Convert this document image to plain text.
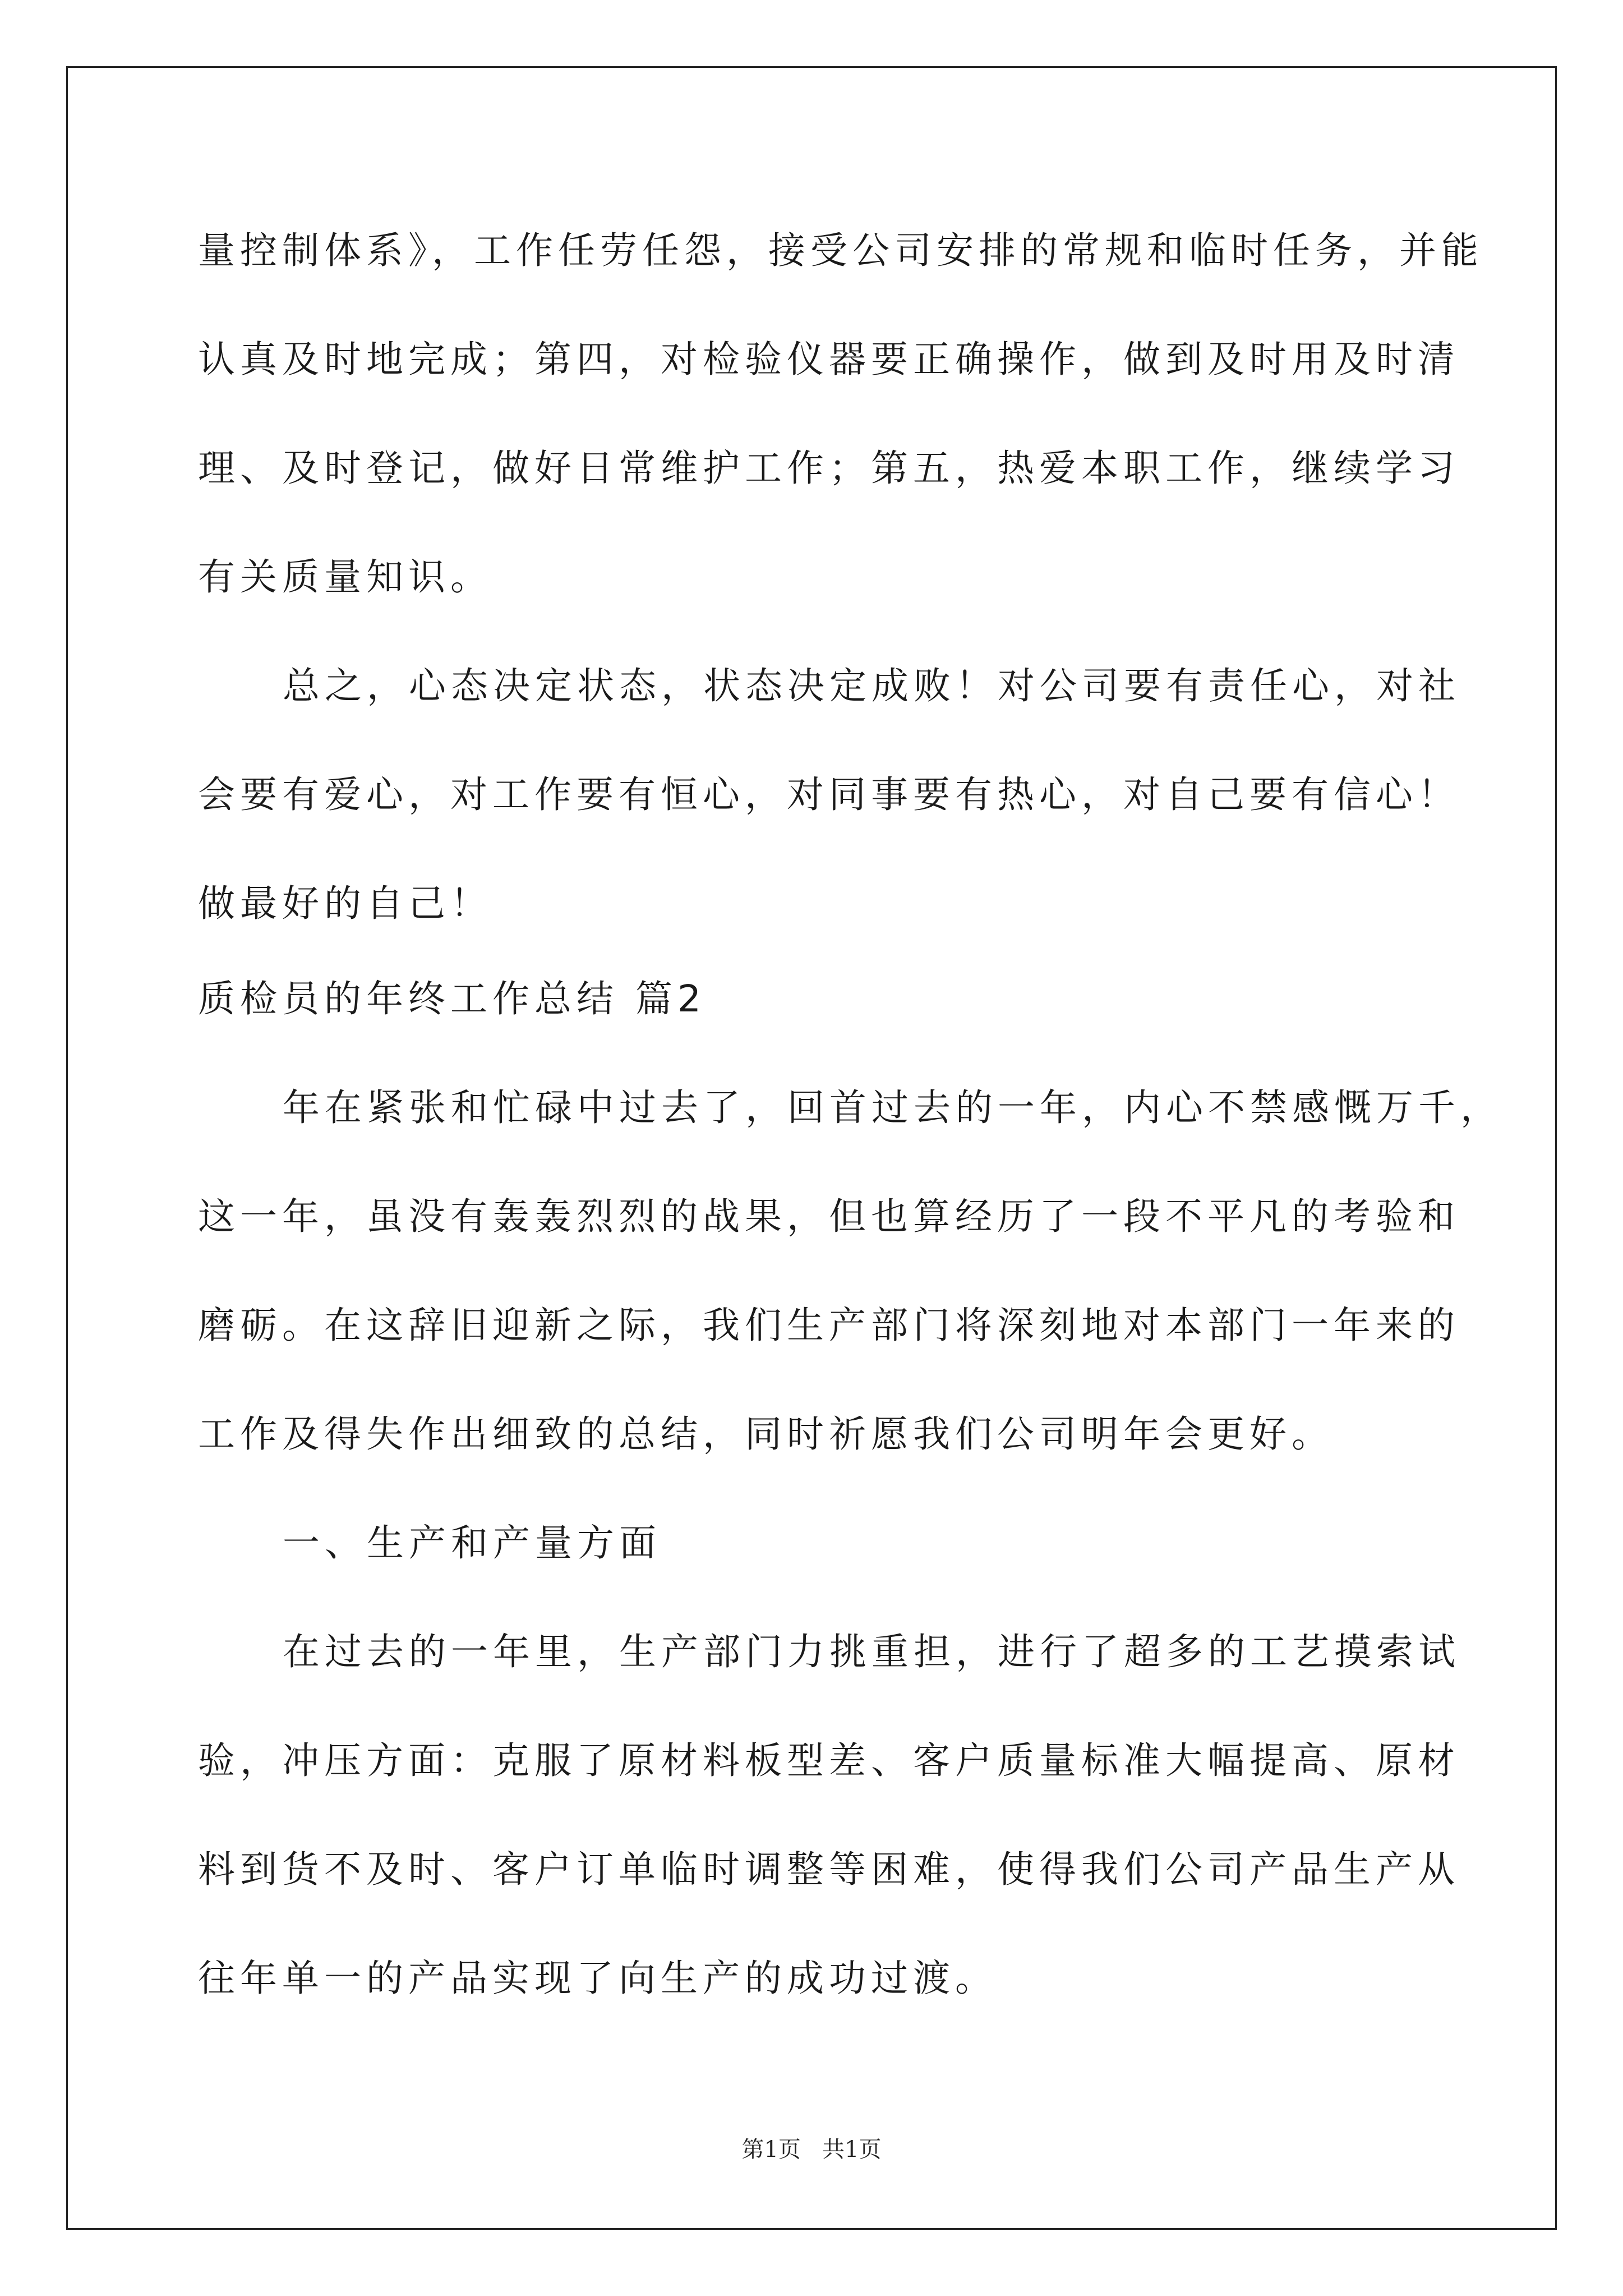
量控制体系》，工作任劳任怨，接受公司安排的常规和临时任务，并能

认真及时地完成；第四，对检验仪器要正确操作，做到及时用及时清

理、及时登记，做好日常维护工作；第五，热爱本职工作，继续学习

有关质量知识。

总之，心态决定状态，状态决定成败！对公司要有责任心，对社

会要有爱心，对工作要有恒心，对同事要有热心，对自己要有信心！

做最好的自己！

质检员的年终工作总结 篇2

年在紧张和忙碌中过去了，回首过去的一年，内心不禁感慨万千，

这一年，虽没有轰轰烈烈的战果，但也算经历了一段不平凡的考验和

磨砺。在这辞旧迎新之际，我们生产部门将深刻地对本部门一年来的

工作及得失作出细致的总结，同时祈愿我们公司明年会更好。

一、生产和产量方面

在过去的一年里，生产部门力挑重担，进行了超多的工艺摸索试

验，冲压方面：克服了原材料板型差、客户质量标准大幅提高、原材

料到货不及时、客户订单临时调整等困难，使得我们公司产品生产从

往年单一的产品实现了向生产的成功过渡。

第1页   共1页
